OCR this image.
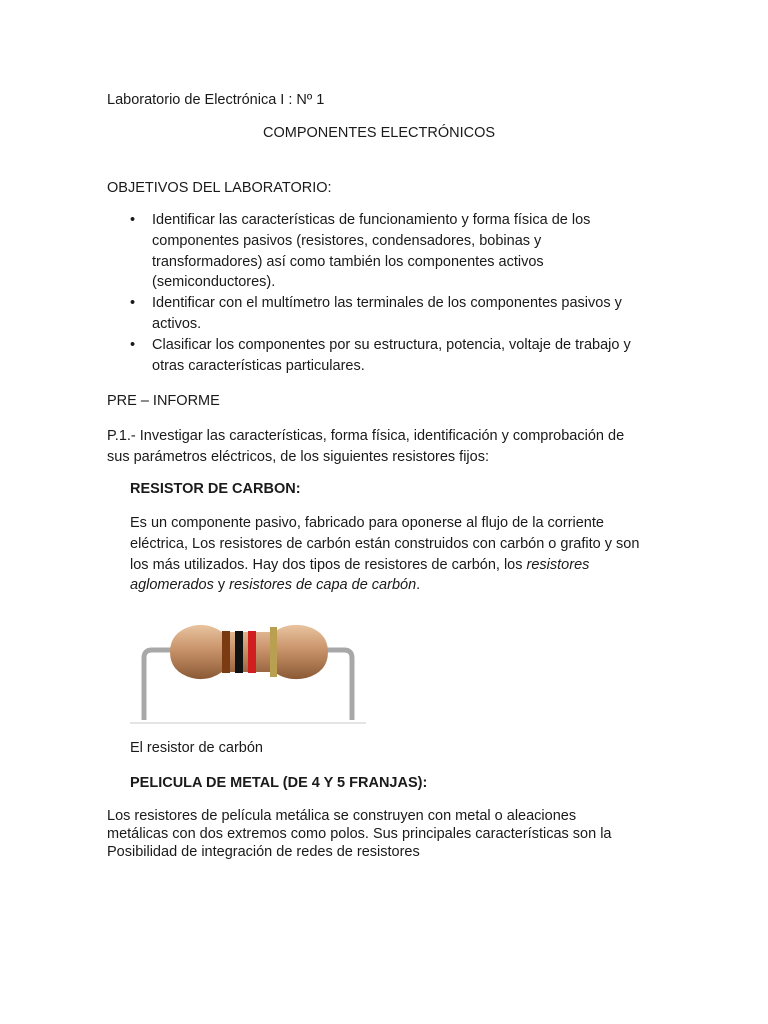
Laboratorio de Electrónica I : Nº 1
COMPONENTES ELECTRÓNICOS
OBJETIVOS DEL LABORATORIO:
• Identificar las características de funcionamiento y forma física de los
componentes pasivos (resistores, condensadores, bobinas y
transformadores) así como también los componentes activos
(semiconductores).
• Identificar con el multímetro las terminales de los componentes pasivos y
activos.
• Clasificar los componentes por su estructura, potencia, voltaje de trabajo y
otras características particulares.
PRE – INFORME
P.1.- Investigar las características, forma física, identificación y comprobación de
sus parámetros eléctricos, de los siguientes resistores fijos:
RESISTOR DE CARBON:
Es un componente pasivo, fabricado para oponerse al flujo de la corriente
eléctrica, Los resistores de carbón están construidos con carbón o grafito y son
los más utilizados. Hay dos tipos de resistores de carbón, los resistores
aglomerados y resistores de capa de carbón.
El resistor de carbón
PELICULA DE METAL (DE 4 Y 5 FRANJAS):
Los resistores de película metálica se construyen con metal o aleaciones
metálicas con dos extremos como polos. Sus principales características son la
Posibilidad de integración de redes de resistores
